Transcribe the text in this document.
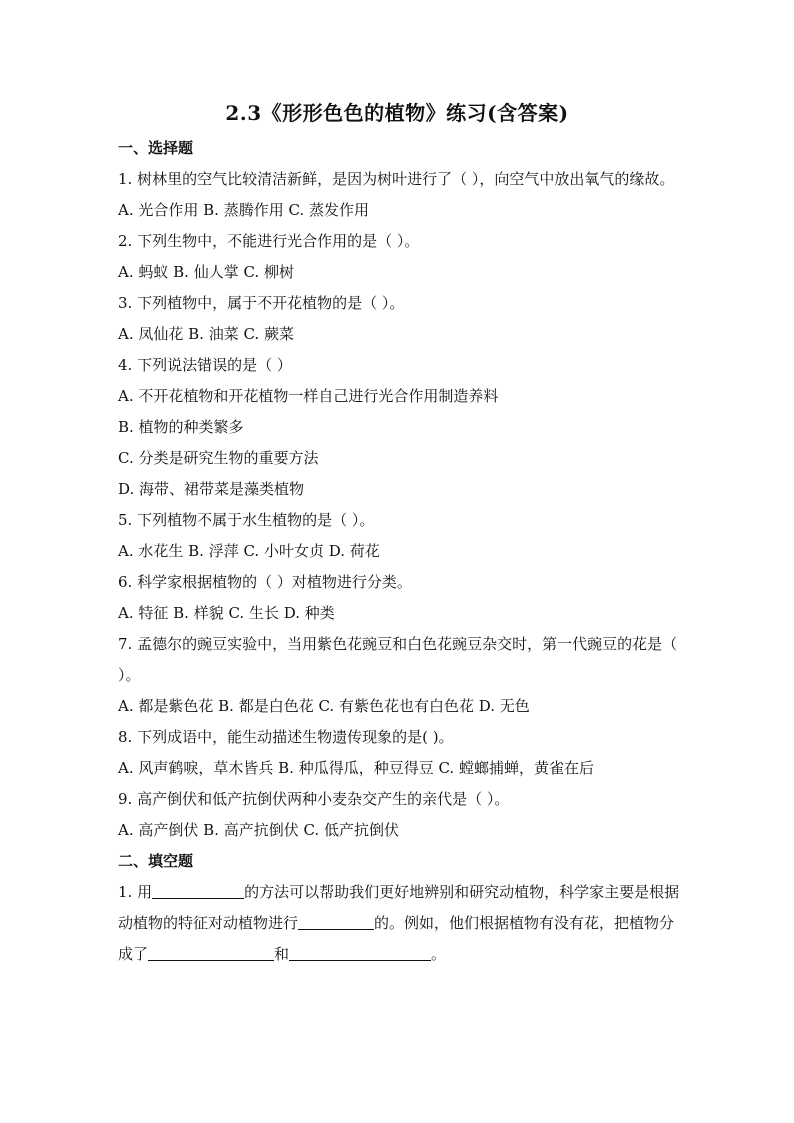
2.3《形形色色的植物》练习(含答案)
一、选择题
1. 树林里的空气比较清洁新鲜，是因为树叶进行了（ ），向空气中放出氧气的缘故。
A. 光合作用 B. 蒸腾作用 C. 蒸发作用
2. 下列生物中，不能进行光合作用的是（ ）。
A. 蚂蚁 B. 仙人掌 C. 柳树
3. 下列植物中，属于不开花植物的是（ ）。
A. 凤仙花 B. 油菜 C. 蕨菜
4. 下列说法错误的是（ ）
A. 不开花植物和开花植物一样自己进行光合作用制造养料
B. 植物的种类繁多
C. 分类是研究生物的重要方法
D. 海带、裙带菜是藻类植物
5. 下列植物不属于水生植物的是（ ）。
A. 水花生 B. 浮萍 C. 小叶女贞 D. 荷花
6. 科学家根据植物的（ ）对植物进行分类。
A. 特征 B. 样貌 C. 生长 D. 种类
7. 孟德尔的豌豆实验中，当用紫色花豌豆和白色花豌豆杂交时，第一代豌豆的花是（ ）。
A. 都是紫色花 B. 都是白色花 C. 有紫色花也有白色花 D. 无色
8. 下列成语中，能生动描述生物遗传现象的是( )。
A. 风声鹤唳，草木皆兵 B. 种瓜得瓜，种豆得豆 C. 螳螂捕蝉，黄雀在后
9. 高产倒伏和低产抗倒伏两种小麦杂交产生的亲代是（ ）。
A. 高产倒伏 B. 高产抗倒伏 C. 低产抗倒伏
二、填空题
1. 用	的方法可以帮助我们更好地辨别和研究动植物，科学家主要是根据动植物的特征对动植物进行	的。例如，他们根据植物有没有花，把植物分成了	和	。
